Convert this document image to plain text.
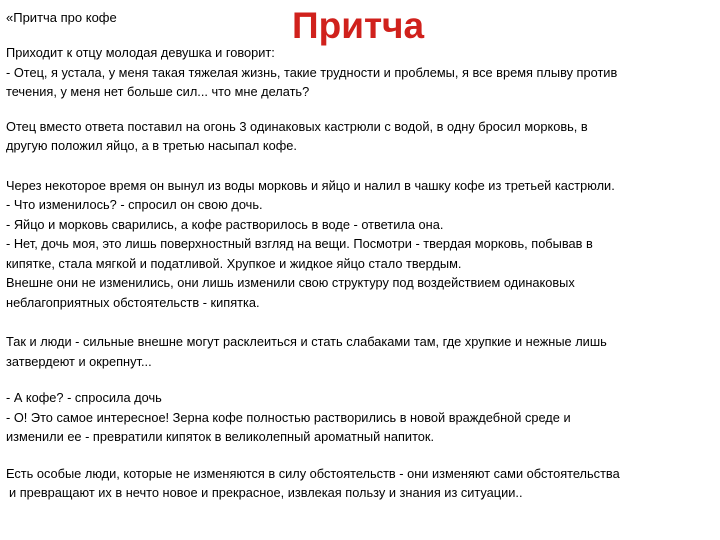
«Притча про кофе	Притча
Приходит к отцу молодая девушка и говорит:
- Отец, я устала, у меня такая тяжелая жизнь, такие трудности и проблемы, я все время плыву против
течения, у меня нет больше сил... что мне делать?
Отец вместо ответа поставил на огонь 3 одинаковых кастрюли с водой, в одну бросил морковь, в
другую положил яйцо, а в третью насыпал кофе.
Через некоторое время он вынул из воды морковь и яйцо и налил в чашку кофе из третьей кастрюли.
- Что изменилось? - спросил он свою дочь.
- Яйцо и морковь сварились, а кофе растворилось в воде - ответила она.
- Нет, дочь моя, это лишь поверхностный взгляд на вещи. Посмотри - твердая морковь, побывав в
кипятке, стала мягкой и податливой. Хрупкое и жидкое яйцо стало твердым.
Внешне они не изменились, они лишь изменили свою структуру под воздействием одинаковых
неблагоприятных обстоятельств - кипятка.
Так и люди - сильные внешне могут расклеиться и стать слабаками там, где хрупкие и нежные лишь
затвердеют и окрепнут...
- А кофе? - спросила дочь
- О! Это самое интересное! Зерна кофе полностью растворились в новой враждебной среде и
изменили ее - превратили кипяток в великолепный ароматный напиток.
Есть особые люди, которые не изменяются в силу обстоятельств - они изменяют сами обстоятельства
и превращают их в нечто новое и прекрасное, извлекая пользу и знания из ситуации..
